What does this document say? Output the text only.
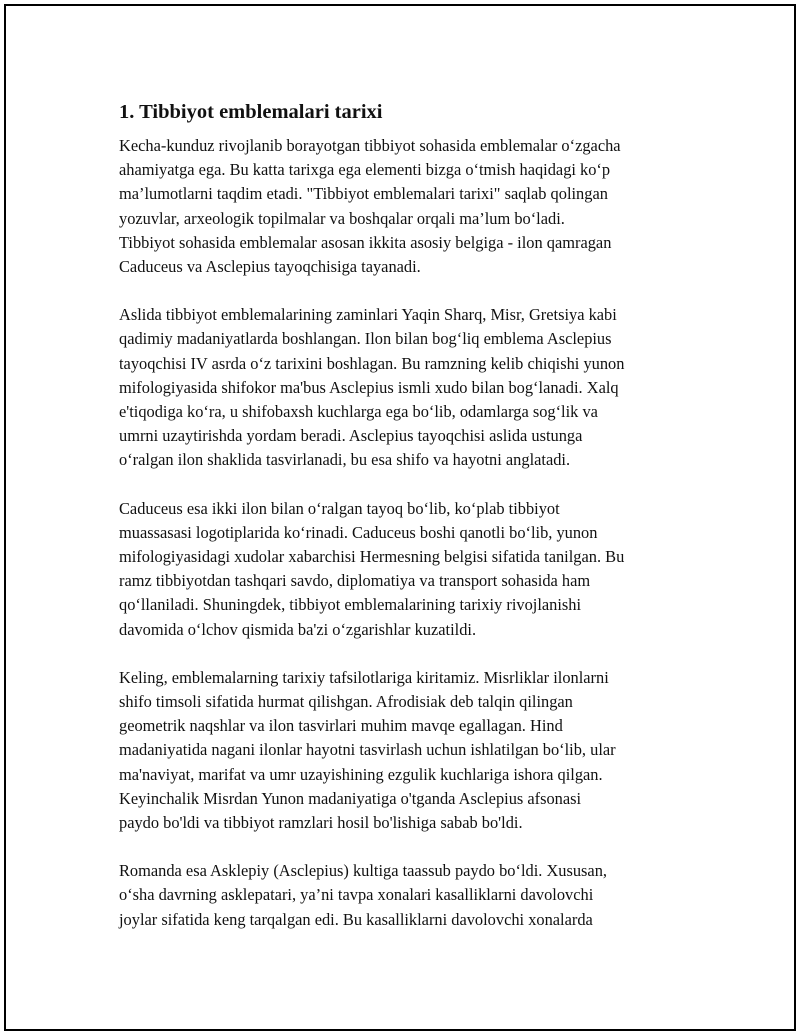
1. Tibbiyot emblemalari tarixi
Kecha-kunduz rivojlanib borayotgan tibbiyot sohasida emblemalar o‘zgacha
ahamiyatga ega. Bu katta tarixga ega elementi bizga o‘tmish haqidagi ko‘p
ma’lumotlarni taqdim etadi. "Tibbiyot emblemalari tarixi" saqlab qolingan
yozuvlar, arxeologik topilmalar va boshqalar orqali ma’lum bo‘ladi.
Tibbiyot sohasida emblemalar asosan ikkita asosiy belgiga - ilon qamragan
Caduceus va Asclepius tayoqchisiga tayanadi.
Aslida tibbiyot emblemalarining zaminlari Yaqin Sharq, Misr, Gretsiya kabi
qadimiy madaniyatlarda boshlangan. Ilon bilan bog‘liq emblema Asclepius
tayoqchisi IV asrda o‘z tarixini boshlagan. Bu ramzning kelib chiqishi yunon
mifologiyasida shifokor ma'bus Asclepius ismli xudo bilan bog‘lanadi. Xalq
e'tiqodiga ko‘ra, u shifobaxsh kuchlarga ega bo‘lib, odamlarga sog‘lik va
umrni uzaytirishda yordam beradi. Asclepius tayoqchisi aslida ustunga
o‘ralgan ilon shaklida tasvirlanadi, bu esa shifo va hayotni anglatadi.
Caduceus esa ikki ilon bilan o‘ralgan tayoq bo‘lib, ko‘plab tibbiyot
muassasasi logotiplarida ko‘rinadi. Caduceus boshi qanotli bo‘lib, yunon
mifologiyasidagi xudolar xabarchisi Hermesning belgisi sifatida tanilgan. Bu
ramz tibbiyotdan tashqari savdo, diplomatiya va transport sohasida ham
qo‘llaniladi. Shuningdek, tibbiyot emblemalarining tarixiy rivojlanishi
davomida o‘lchov qismida ba'zi o‘zgarishlar kuzatildi.
Keling, emblemalarning tarixiy tafsilotlariga kiritamiz. Misrliklar ilonlarni
shifo timsoli sifatida hurmat qilishgan. Afrodisiak deb talqin qilingan
geometrik naqshlar va ilon tasvirlari muhim mavqe egallagan. Hind
madaniyatida nagani ilonlar hayotni tasvirlash uchun ishlatilgan bo‘lib, ular
ma'naviyat, marifat va umr uzayishining ezgulik kuchlariga ishora qilgan.
Keyinchalik Misrdan Yunon madaniyatiga o'tganda Asclepius afsonasi
paydo bo'ldi va tibbiyot ramzlari hosil bo'lishiga sabab bo'ldi.
Romanda esa Asklepiy (Asclepius) kultiga taassub paydo bo‘ldi. Xususan,
o‘sha davrning asklepatari, ya’ni tavpa xonalari kasalliklarni davolovchi
joylar sifatida keng tarqalgan edi. Bu kasalliklarni davolovchi xonalarda
